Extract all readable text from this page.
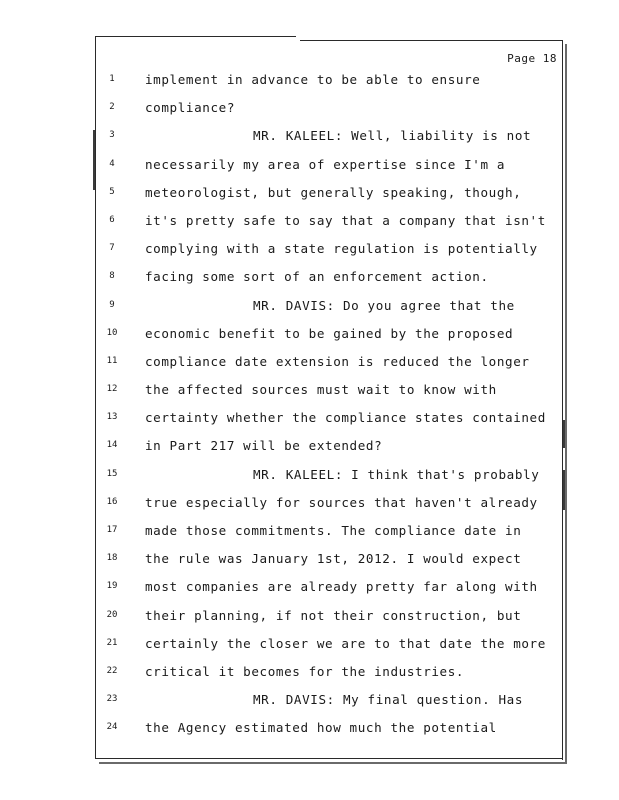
Page 18
1	implement in advance to be able to ensure
2	compliance?
3	MR. KALEEL: Well, liability is not
4	necessarily my area of expertise since I'm a
5	meteorologist, but generally speaking, though,
6	it's pretty safe to say that a company that isn't
7	complying with a state regulation is potentially
8	facing some sort of an enforcement action.
9	MR. DAVIS: Do you agree that the
10	economic benefit to be gained by the proposed
11	compliance date extension is reduced the longer
12	the affected sources must wait to know with
13	certainty whether the compliance states contained
14	in Part 217 will be extended?
15	MR. KALEEL: I think that's probably
16	true especially for sources that haven't already
17	made those commitments. The compliance date in
18	the rule was January 1st, 2012. I would expect
19	most companies are already pretty far along with
20	their planning, if not their construction, but
21	certainly the closer we are to that date the more
22	critical it becomes for the industries.
23	MR. DAVIS: My final question. Has
24	the Agency estimated how much the potential
